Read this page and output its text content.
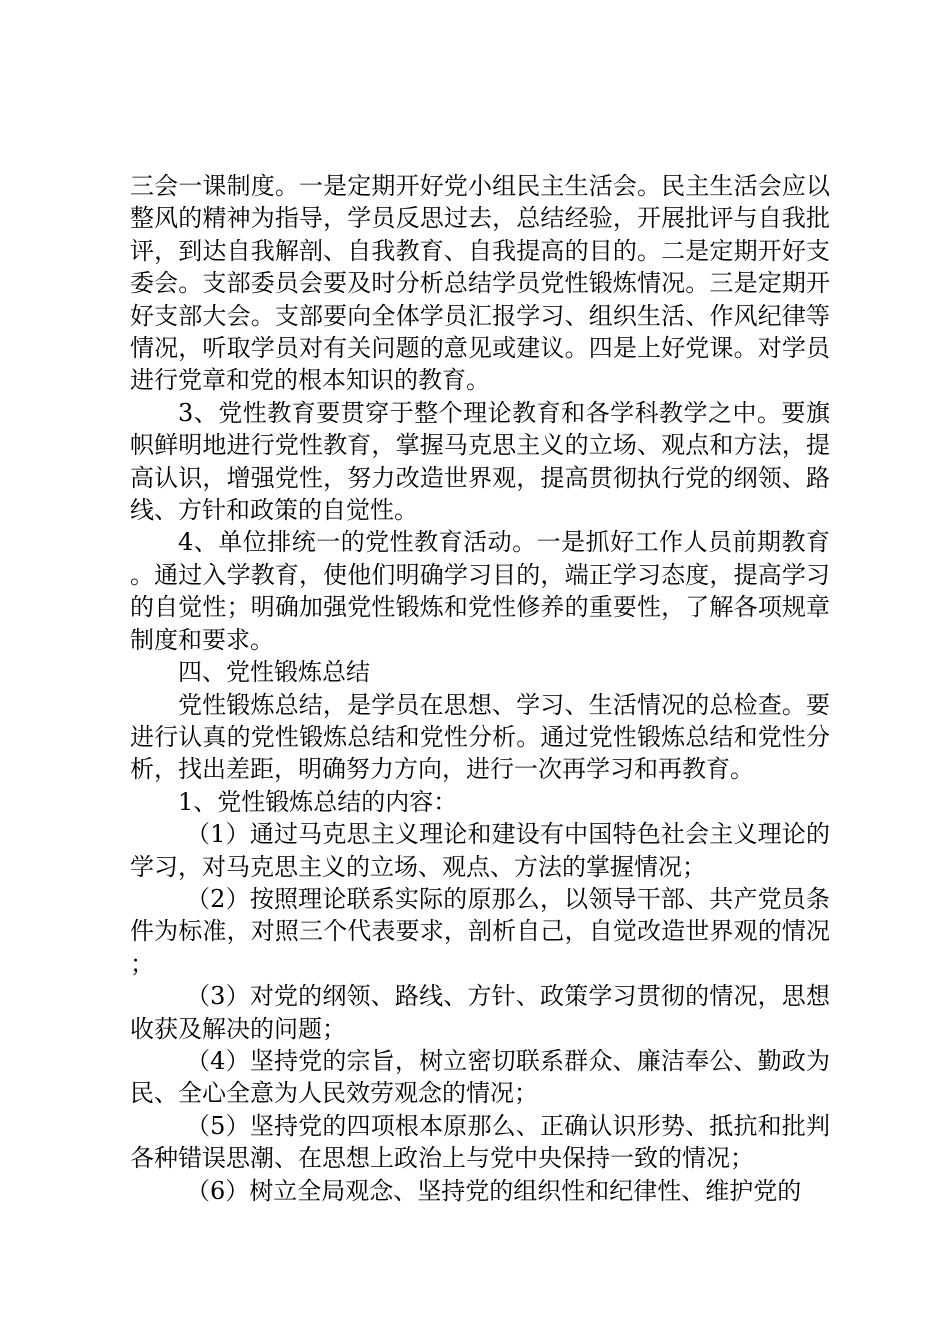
三会一课制度。一是定期开好党小组民主生活会。民主生活会应以整风的精神为指导，学员反思过去，总结经验，开展批评与自我批评，到达自我解剖、自我教育、自我提高的目的。二是定期开好支委会。支部委员会要及时分析总结学员党性锻炼情况。三是定期开好支部大会。支部要向全体学员汇报学习、组织生活、作风纪律等情况，听取学员对有关问题的意见或建议。四是上好党课。对学员进行党章和党的根本知识的教育。

3、党性教育要贯穿于整个理论教育和各学科教学之中。要旗帜鲜明地进行党性教育，掌握马克思主义的立场、观点和方法，提高认识，增强党性，努力改造世界观，提高贯彻执行党的纲领、路线、方针和政策的自觉性。

4、单位排统一的党性教育活动。一是抓好工作人员前期教育。通过入学教育，使他们明确学习目的，端正学习态度，提高学习的自觉性；明确加强党性锻炼和党性修养的重要性，了解各项规章制度和要求。

四、党性锻炼总结

党性锻炼总结，是学员在思想、学习、生活情况的总检查。要进行认真的党性锻炼总结和党性分析。通过党性锻炼总结和党性分析，找出差距，明确努力方向，进行一次再学习和再教育。

1、党性锻炼总结的内容：

（1）通过马克思主义理论和建设有中国特色社会主义理论的学习，对马克思主义的立场、观点、方法的掌握情况；

（2）按照理论联系实际的原那么，以领导干部、共产党员条件为标准，对照三个代表要求，剖析自己，自觉改造世界观的情况；

（3）对党的纲领、路线、方针、政策学习贯彻的情况，思想收获及解决的问题；

（4）坚持党的宗旨，树立密切联系群众、廉洁奉公、勤政为民、全心全意为人民效劳观念的情况；

（5）坚持党的四项根本原那么、正确认识形势、抵抗和批判各种错误思潮、在思想上政治上与党中央保持一致的情况；

（6）树立全局观念、坚持党的组织性和纪律性、维护党的
